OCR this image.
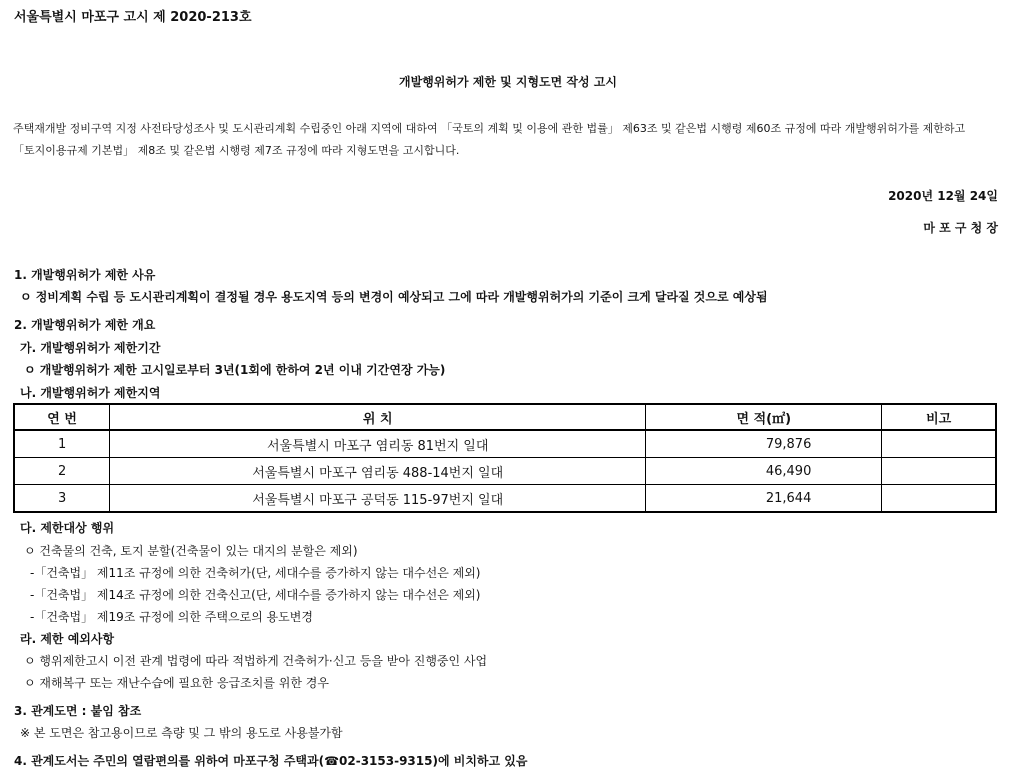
서울특별시 마포구 고시 제 2020-213호
개발행위허가 제한 및 지형도면 작성 고시
주택재개발 정비구역 지정 사전타당성조사 및 도시관리계획 수립중인 아래 지역에 대하여 「국토의 계획 및 이용에 관한 법률」 제63조 및 같은법 시행령 제60조 규정에 따라 개발행위허가를 제한하고
「토지이용규제 기본법」 제8조 및 같은법 시행령 제7조 규정에 따라 지형도면을 고시합니다.
2020년 12월 24일
마 포 구 청 장
1. 개발행위허가 제한 사유
ㅇ 정비계획 수립 등 도시관리계획이 결정될 경우 용도지역 등의 변경이 예상되고 그에 따라 개발행위허가의 기준이 크게 달라질 것으로 예상됨
2. 개발행위허가 제한 개요
가. 개발행위허가 제한기간
ㅇ 개발행위허가 제한 고시일로부터 3년(1회에 한하여 2년 이내 기간연장 가능)
나. 개발행위허가 제한지역
연 번	위 치	면 적(㎡)	비고
1	서울특별시 마포구 염리동 81번지 일대	79,876	
2	서울특별시 마포구 염리동 488-14번지 일대	46,490	
3	서울특별시 마포구 공덕동 115-97번지 일대	21,644	
다. 제한대상 행위
ㅇ 건축물의 건축, 토지 분할(건축물이 있는 대지의 분할은 제외)
-「건축법」 제11조 규정에 의한 건축허가(단, 세대수를 증가하지 않는 대수선은 제외)
-「건축법」 제14조 규정에 의한 건축신고(단, 세대수를 증가하지 않는 대수선은 제외)
-「건축법」 제19조 규정에 의한 주택으로의 용도변경
라. 제한 예외사항
ㅇ 행위제한고시 이전 관계 법령에 따라 적법하게 건축허가·신고 등을 받아 진행중인 사업
ㅇ 재해복구 또는 재난수습에 필요한 응급조치를 위한 경우
3. 관계도면 : 붙임 참조
※ 본 도면은 참고용이므로 측량 및 그 밖의 용도로 사용불가함
4. 관계도서는 주민의 열람편의를 위하여 마포구청 주택과(☎02-3153-9315)에 비치하고 있음
